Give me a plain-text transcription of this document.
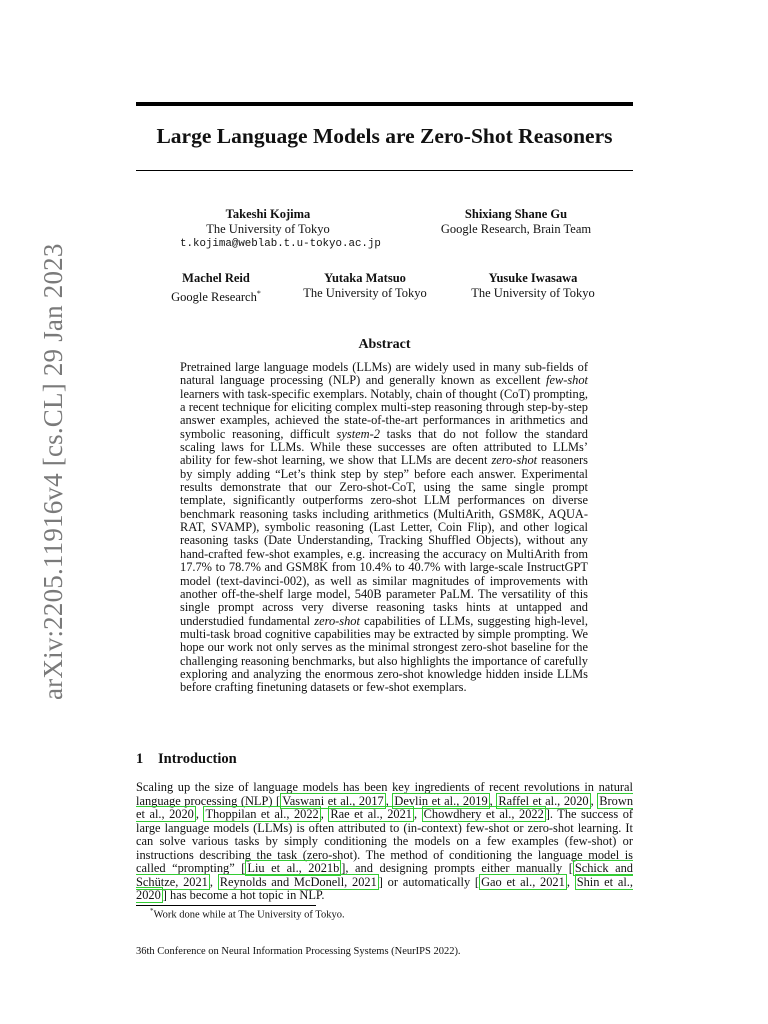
arXiv:2205.11916v4 [cs.CL] 29 Jan 2023
Large Language Models are Zero-Shot Reasoners
Takeshi Kojima
The University of Tokyo
t.kojima@weblab.t.u-tokyo.ac.jp
Shixiang Shane Gu
Google Research, Brain Team
Machel Reid
Google Research*
Yutaka Matsuo
The University of Tokyo
Yusuke Iwasawa
The University of Tokyo
Abstract

Pretrained large language models (LLMs) are widely used in many sub-fields of natural language processing (NLP) and generally known as excellent few-shot learners with task-specific exemplars. Notably, chain of thought (CoT) prompting, a recent technique for eliciting complex multi-step reasoning through step-by-step answer examples, achieved the state-of-the-art performances in arithmetics and symbolic reasoning, difficult system-2 tasks that do not follow the standard scaling laws for LLMs. While these successes are often attributed to LLMs’ ability for few-shot learning, we show that LLMs are decent zero-shot reasoners by simply adding “Let’s think step by step” before each answer. Experimental results demonstrate that our Zero-shot-CoT, using the same single prompt template, significantly outperforms zero-shot LLM performances on diverse benchmark reasoning tasks including arithmetics (MultiArith, GSM8K, AQUA-RAT, SVAMP), symbolic reasoning (Last Letter, Coin Flip), and other logical reasoning tasks (Date Understanding, Tracking Shuffled Objects), without any hand-crafted few-shot examples, e.g. increasing the accuracy on MultiArith from 17.7% to 78.7% and GSM8K from 10.4% to 40.7% with large-scale InstructGPT model (text-davinci-002), as well as similar magnitudes of improvements with another off-the-shelf large model, 540B parameter PaLM. The versatility of this single prompt across very diverse reasoning tasks hints at untapped and understudied fundamental zero-shot capabilities of LLMs, suggesting high-level, multi-task broad cognitive capabilities may be extracted by simple prompting. We hope our work not only serves as the minimal strongest zero-shot baseline for the challenging reasoning benchmarks, but also highlights the importance of carefully exploring and analyzing the enormous zero-shot knowledge hidden inside LLMs before crafting finetuning datasets or few-shot exemplars.

1 Introduction

Scaling up the size of language models has been key ingredients of recent revolutions in natural language processing (NLP) [ Vaswani et al., 2017 , Devlin et al., 2019 , Raffel et al., 2020 , Brown et al., 2020 , Thoppilan et al., 2022 , Rae et al., 2021 , Chowdhery et al., 2022 ]. The success of large language models (LLMs) is often attributed to (in-context) few-shot or zero-shot learning. It can solve various tasks by simply conditioning the models on a few examples (few-shot) or instructions describing the task (zero-shot). The method of conditioning the language model is called “prompting” [ Liu et al., 2021b ], and designing prompts either manually [ Schick and Schütze, 2021 , Reynolds and McDonell, 2021 ] or automatically [ Gao et al., 2021 , Shin et al., 2020 ] has become a hot topic in NLP.

*Work done while at The University of Tokyo.

36th Conference on Neural Information Processing Systems (NeurIPS 2022).
